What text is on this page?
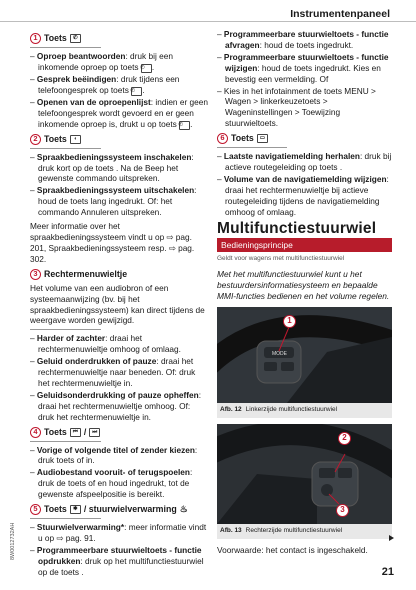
Instrumentenpaneel
1 Toets	✆

– Oproep beantwoorden: druk bij een inkomende oproep op toets ✆ .

– Gesprek beëindigen: druk tijdens een telefoongesprek op toets ✆ .

– Openen van de oproepenlijst: indien er geen telefoongesprek wordt gevoerd en er geen inkomende oproep is, drukt u op toets ✆ .

2 Toets	◖

– Spraakbedieningssysteem inschakelen: druk kort op de toets . Na de Beep het gewenste commando uitspreken.

– Spraakbedieningssysteem uitschakelen: houd de toets lang ingedrukt. Of: het commando Annuleren uitspreken.

Meer informatie over het spraakbedieningssysteem vindt u op ⇨ pag. 201, Spraakbedieningssysteem resp. ⇨ pag. 302.

3 Rechtermenuwieltje

Het volume van een audiobron of een systeemaanwijzing (bv. bij het spraakbedieningssysteem) kan direct tijdens de weergave worden gewijzigd.

– Harder of zachter: draai het rechtermenuwieltje omhoog of omlaag.

– Geluid onderdrukken of pauze: draai het rechtermenuwieltje naar beneden. Of: druk het rechtermenuwieltje in.

– Geluidsonderdrukking of pauze opheffen: draai het rechtermenuwieltje omhoog. Of: druk het rechtermenuwieltje in.

4 Toets	⏮ /	⏭

– Vorige of volgende titel of zender kiezen: druk toets of in.

– Audiobestand vooruit- of terugspoelen: druk de toets of en houd ingedrukt, tot de gewenste afspeelpositie is bereikt.

5 Toets	✱ / stuurwielverwarming ♨

– Stuurwielverwarming*: meer informatie vindt u op ⇨ pag. 91.

– Programmeerbare stuurwieltoets - functie opdrukken: druk op het multifunctiestuurwiel op de toets .

– Programmeerbare stuurwieltoets - functie afvragen: houd de toets ingedrukt.

– Programmeerbare stuurwieltoets - functie wijzigen: houd de toets ingedrukt. Kies en bevestig een vermelding. Of

– Kies in het infotainment de toets MENU > Wagen > linkerkeuzetoets > Wageninstellingen > Toewijzing stuurwieltoets.

6 Toets	▭

– Laatste navigatiemelding herhalen: druk bij actieve routegeleiding op toets .

– Volume van de navigatiemelding wijzigen: draai het rechtermenuwieltje bij actieve routegeleiding tijdens de navigatiemelding omhoog of omlaag.

Multifunctiestuurwiel
Bedieningsprincipe
Geldt voor wagens met multifunctiestuurwiel

Met het multifunctiestuurwiel kunt u het bestuurdersinformatiesysteem en bepaalde MMI-functies bedienen en het volume regelen.

MODE
1
Afb. 12 Linkerzijde multifunctiestuurwiel
2
3
Afb. 13 Rechterzijde multifunctiestuurwiel

Voorwaarde: het contact is ingeschakeld.

8W0012732AH
21
